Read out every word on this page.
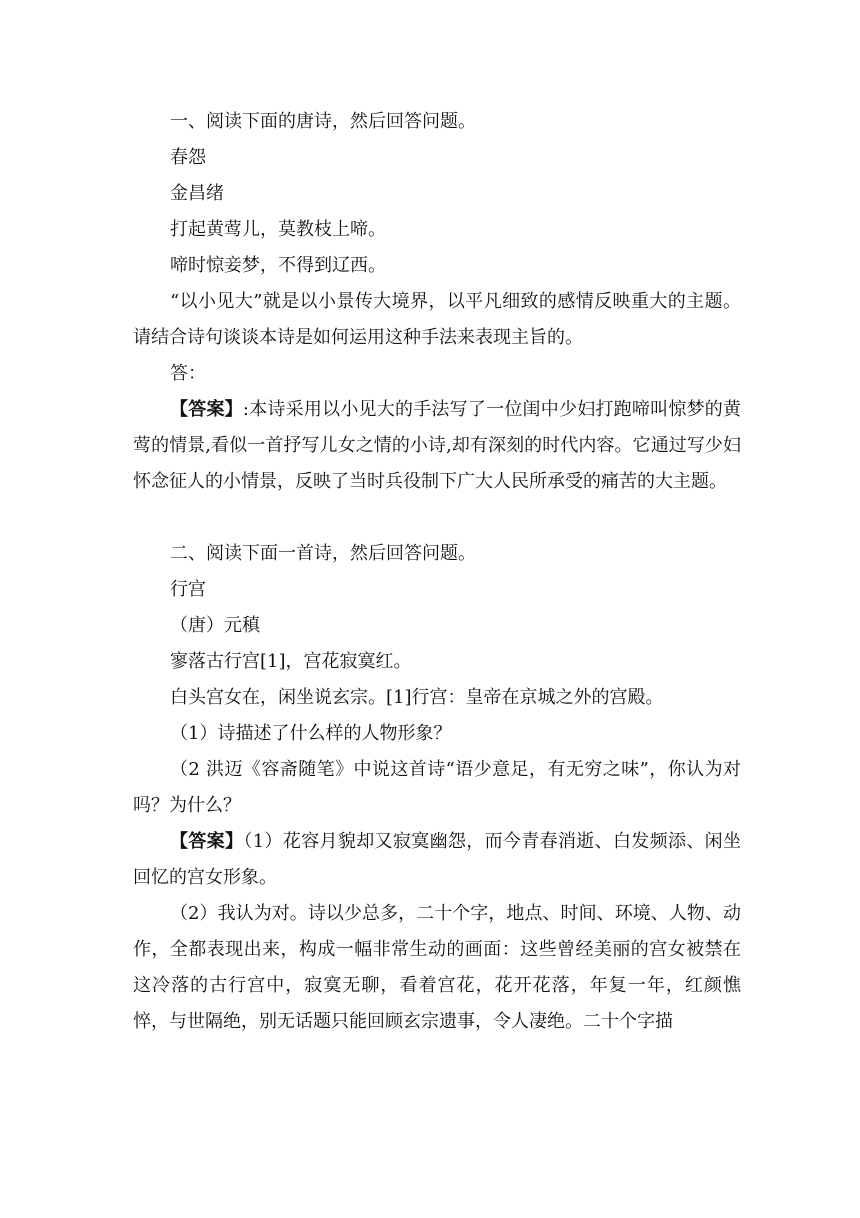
一、阅读下面的唐诗，然后回答问题。

春怨

金昌绪

打起黄莺儿，莫教枝上啼。

啼时惊妾梦，不得到辽西。

“以小见大”就是以小景传大境界，以平凡细致的感情反映重大的主题。请结合诗句谈谈本诗是如何运用这种手法来表现主旨的。

答：

【答案】:本诗采用以小见大的手法写了一位闺中少妇打跑啼叫惊梦的黄莺的情景,看似一首抒写儿女之情的小诗,却有深刻的时代内容。它通过写少妇怀念征人的小情景，反映了当时兵役制下广大人民所承受的痛苦的大主题。

二、阅读下面一首诗，然后回答问题。

行宫

（唐）元稹

寥落古行宫[1]，宫花寂寞红。

白头宫女在，闲坐说玄宗。[1]行宫：皇帝在京城之外的宫殿。

（1）诗描述了什么样的人物形象？

（2 洪迈《容斋随笔》中说这首诗“语少意足，有无穷之味”，你认为对吗？为什么？

【答案】（1）花容月貌却又寂寞幽怨，而今青春消逝、白发频添、闲坐回忆的宫女形象。

（2）我认为对。诗以少总多，二十个字，地点、时间、环境、人物、动作，全都表现出来，构成一幅非常生动的画面：这些曾经美丽的宫女被禁在这冷落的古行宫中，寂寞无聊，看着宫花，花开花落，年复一年，红颜憔悴，与世隔绝，别无话题只能回顾玄宗遗事，令人凄绝。二十个字描
